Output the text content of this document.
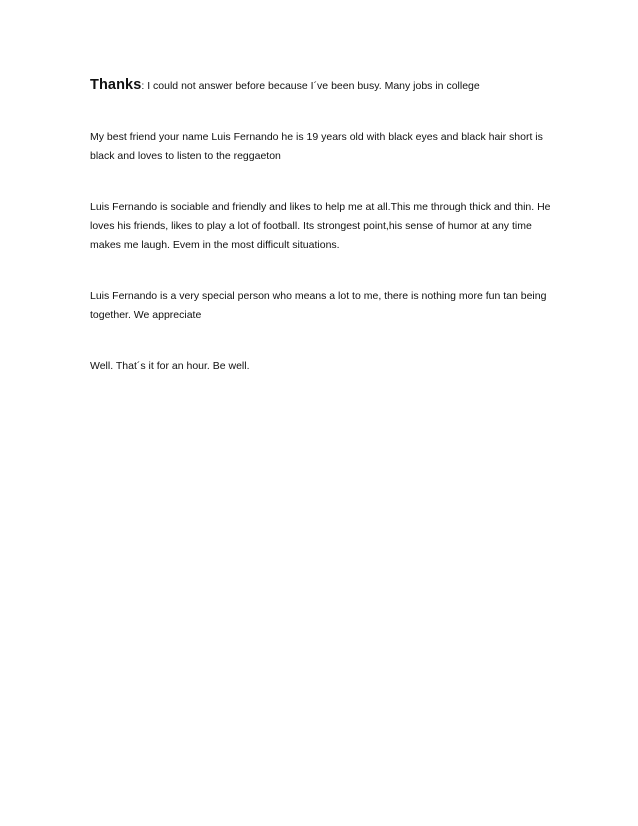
Thanks: I could not answer before because I´ve been busy. Many jobs in college

My best friend your name Luis Fernando he is 19 years old with black eyes and black hair short is black and loves to listen to the reggaeton

Luis Fernando is sociable and friendly and likes to help me at all.This me through thick and thin. He loves his friends, likes to play a lot of football. Its strongest point,his sense of humor at any time makes me laugh. Evem in the most difficult situations.

Luis Fernando is a very special person who means a lot to me, there is nothing more fun tan being together. We appreciate

Well. That´s it for an hour. Be well.
